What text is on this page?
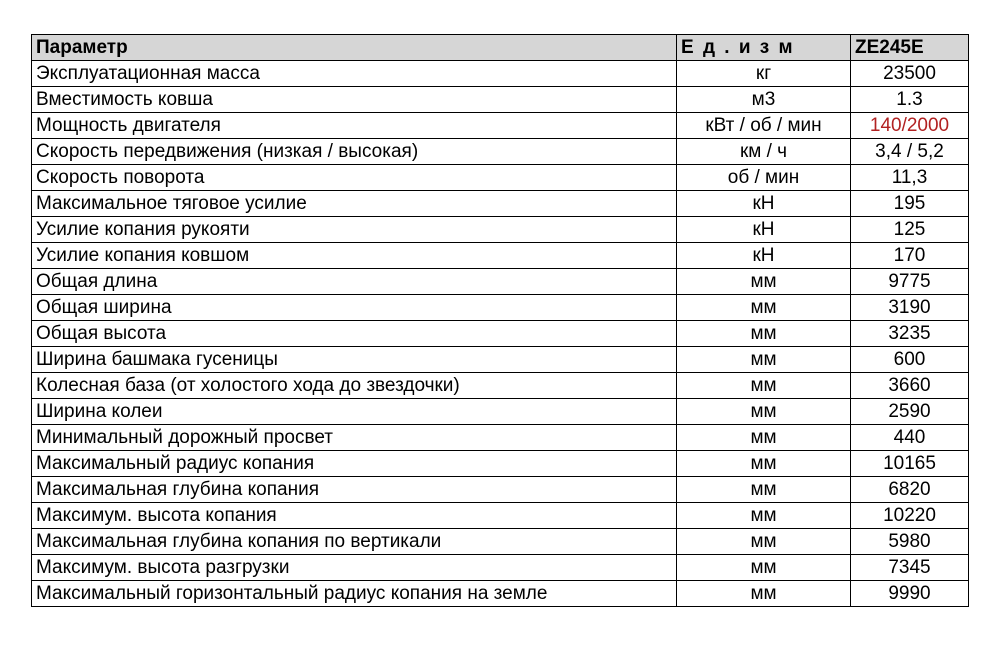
Параметр	Е д . и з м	ZE245E
Эксплуатационная масса	кг	23500
Вместимость ковша	м3	1.3
Мощность двигателя	кВт / об / мин	140/2000
Скорость передвижения (низкая / высокая)	км / ч	3,4 / 5,2
Скорость поворота	об / мин	11,3
Максимальное тяговое усилие	кН	195
Усилие копания рукояти	кН	125
Усилие копания ковшом	кН	170
Общая длина	мм	9775
Общая ширина	мм	3190
Общая высота	мм	3235
Ширина башмака гусеницы	мм	600
Колесная база (от холостого хода до звездочки)	мм	3660
Ширина колеи	мм	2590
Минимальный дорожный просвет	мм	440
Максимальный радиус копания	мм	10165
Максимальная глубина копания	мм	6820
Максимум. высота копания	мм	10220
Максимальная глубина копания по вертикали	мм	5980
Максимум. высота разгрузки	мм	7345
Максимальный горизонтальный радиус копания на земле	мм	9990
